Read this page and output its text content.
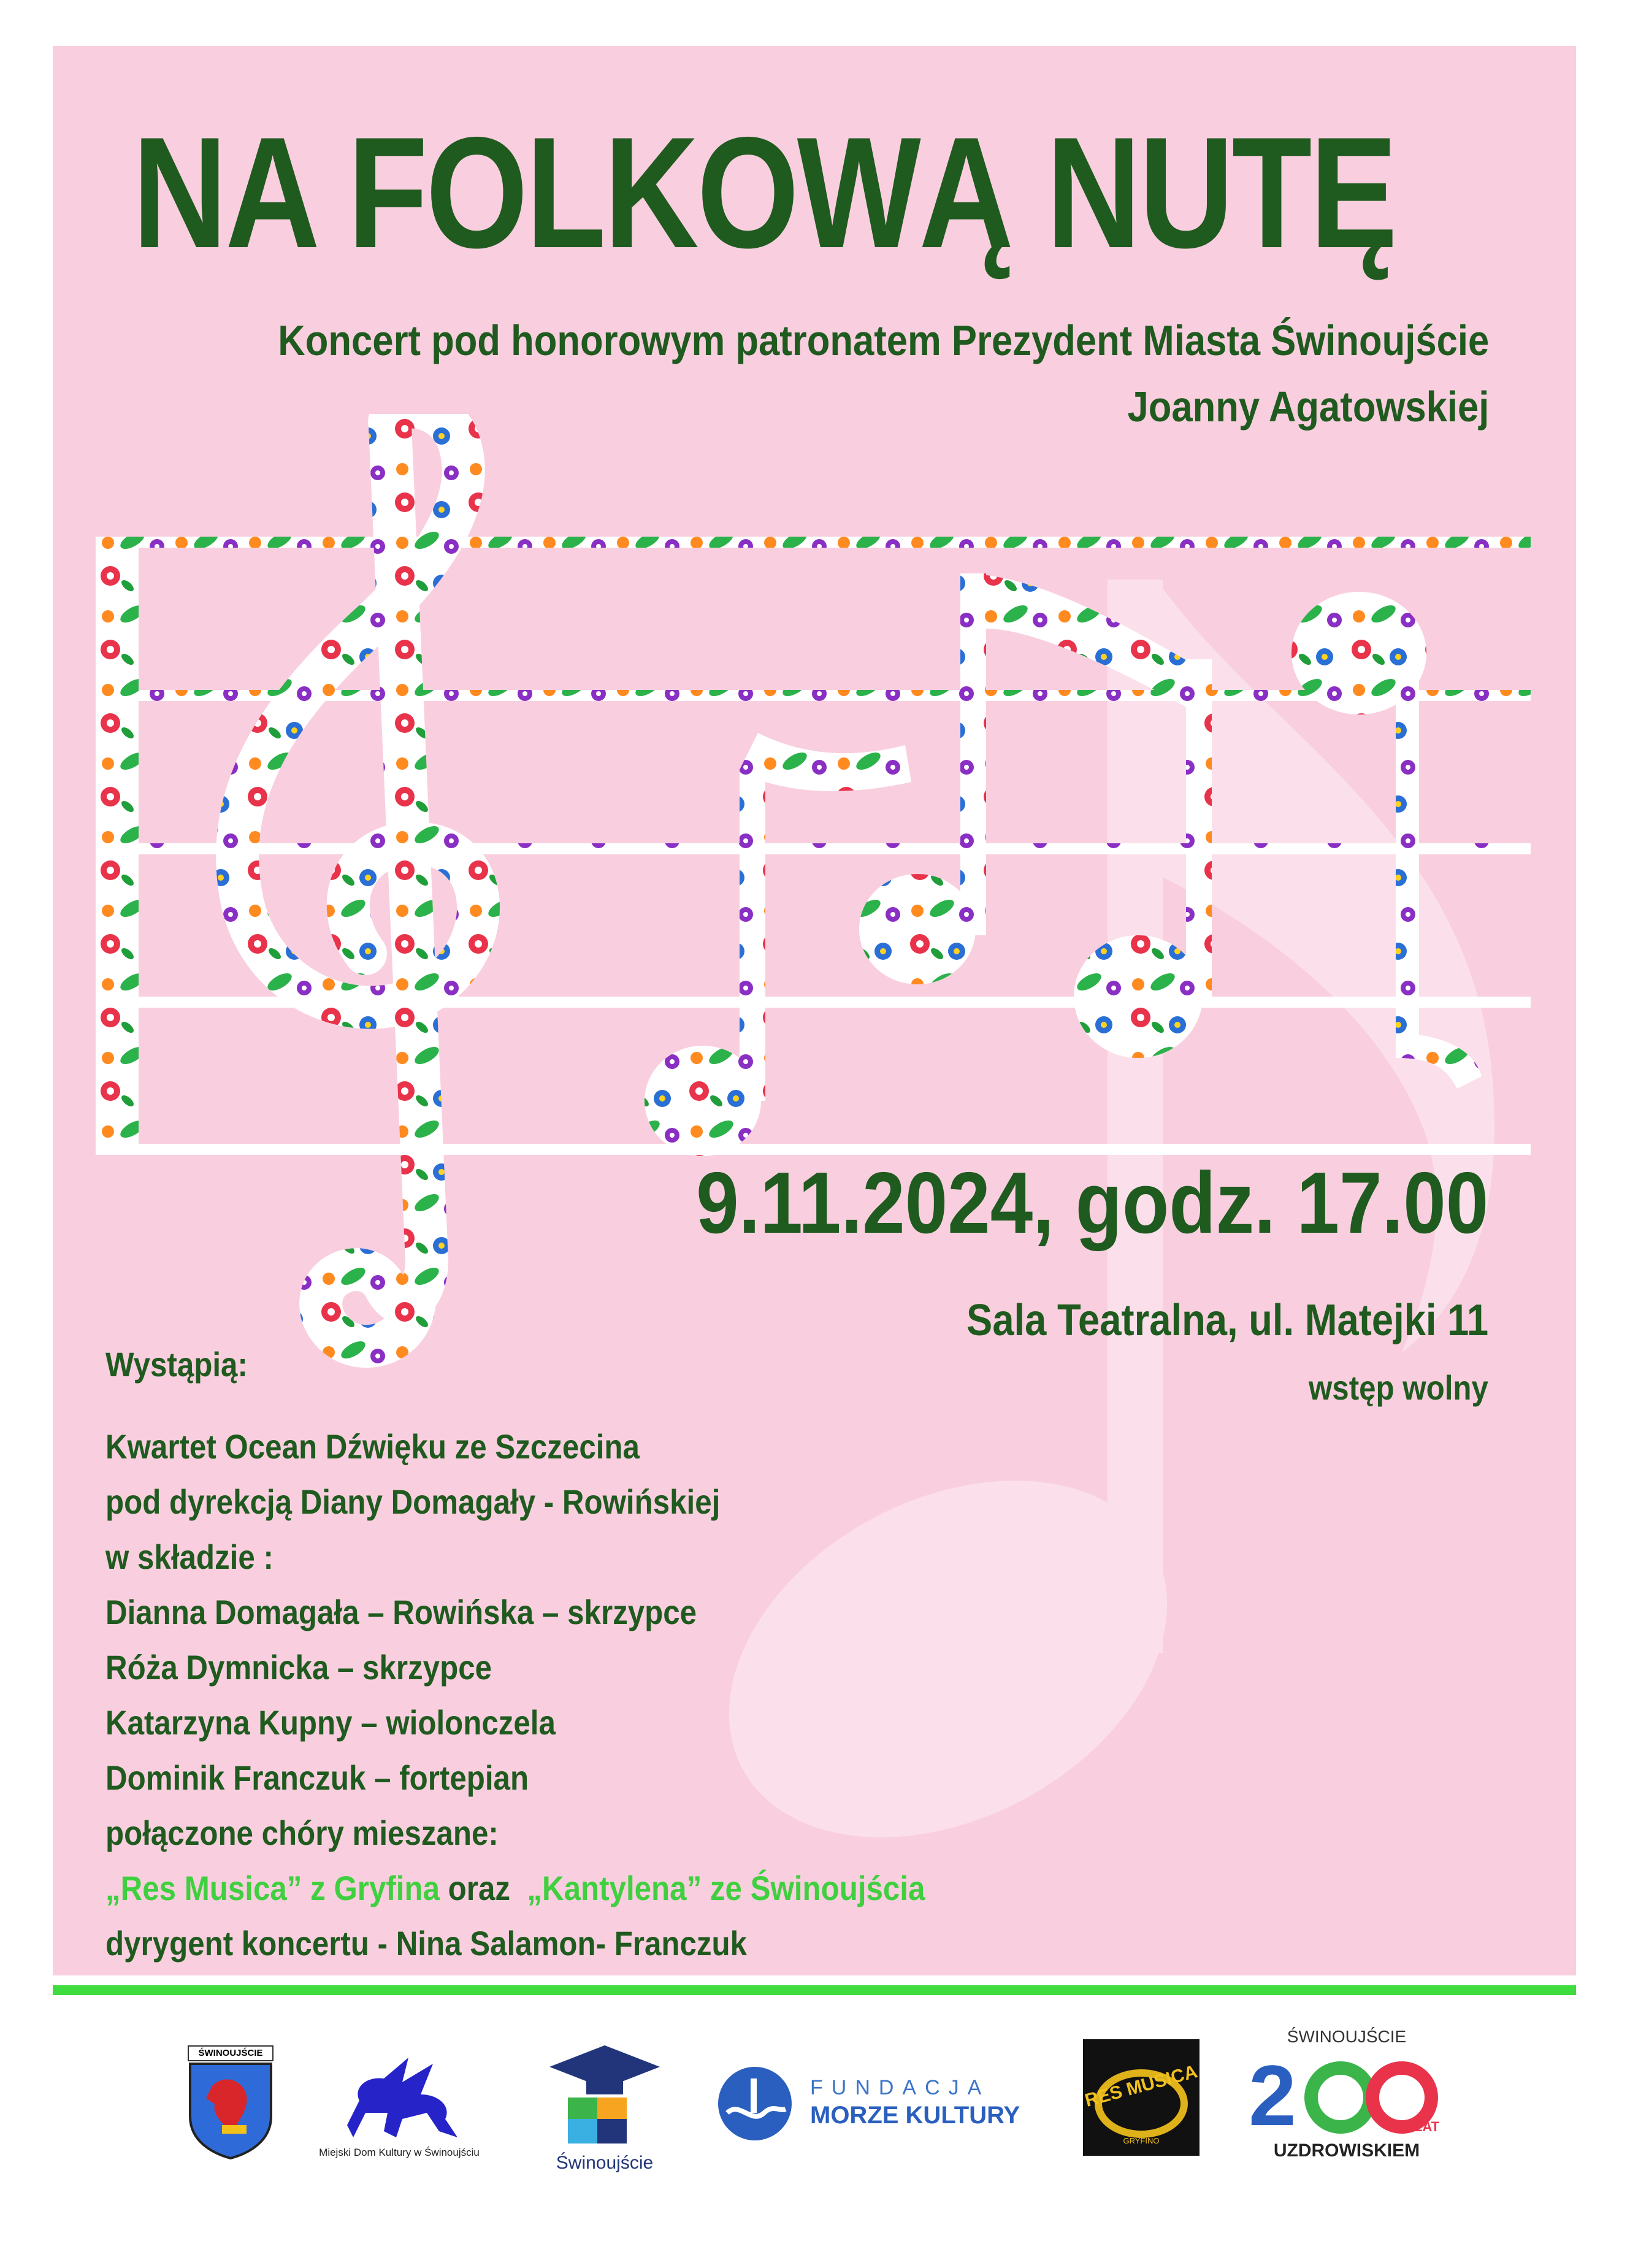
NA FOLKOWĄ NUTĘ
Koncert pod honorowym patronatem Prezydent Miasta Świnoujście
Joanny Agatowskiej
9.11.2024, godz. 17.00
Sala Teatralna, ul. Matejki 11
wstęp wolny
Wystąpią:
Kwartet Ocean Dźwięku ze Szczecina
pod dyrekcją Diany Domagały - Rowińskiej
w składzie :
Dianna Domagała – Rowińska – skrzypce
Róża Dymnicka – skrzypce
Katarzyna Kupny – wiolonczela
Dominik Franczuk – fortepian
połączone chóry mieszane:
„Res Musica” z Gryfina oraz  „Kantylena” ze Świnoujścia
dyrygent koncertu - Nina Salamon- Franczuk
ŚWINOUJŚCIE
Miejski Dom Kultury w Świnoujściu
Świnoujście
FUNDACJA
MORZE KULTURY
RES MUSICA
GRYFINO
ŚWINOUJŚCIE
2	LAT
UZDROWISKIEM
